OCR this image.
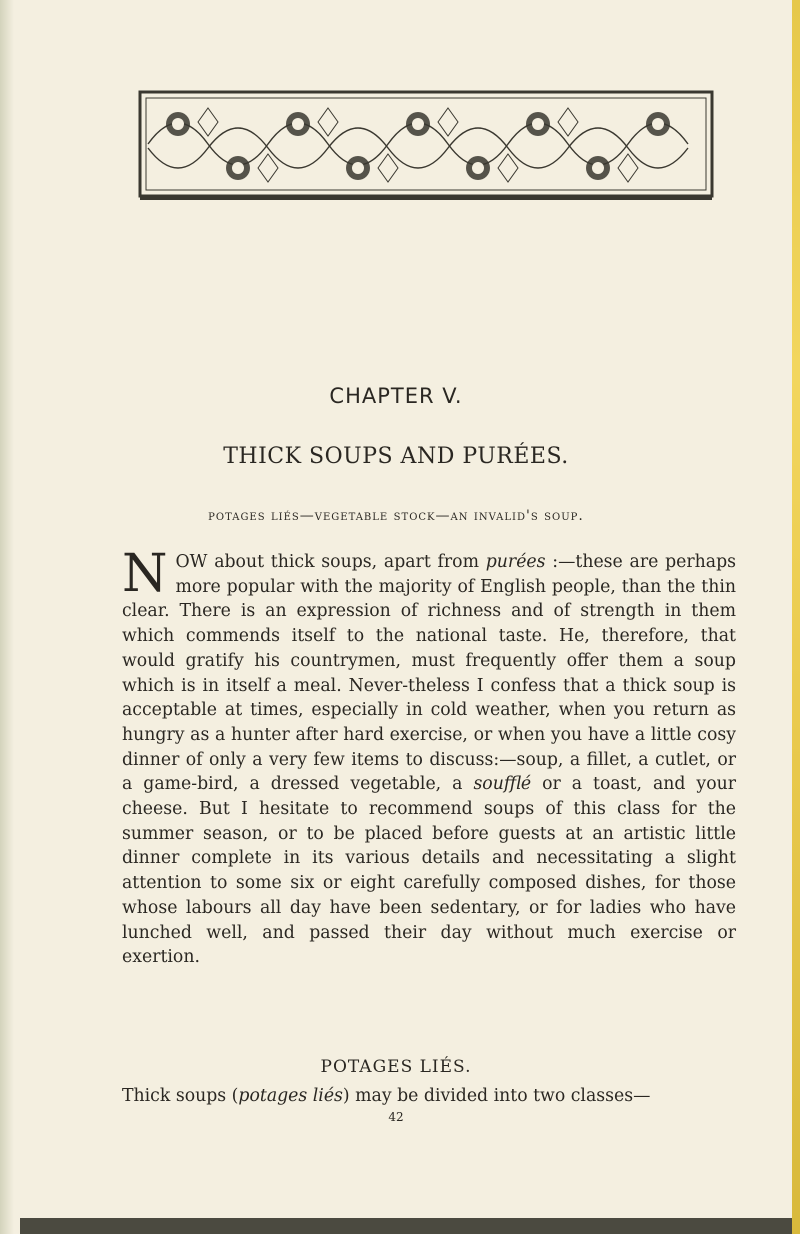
CHAPTER V.
THICK SOUPS AND PURÉES.
potages liés—vegetable stock—an invalid's soup.

NOW about thick soups, apart from purées :—these are perhaps more popular with the majority of English people, than the thin clear. There is an expression of richness and of strength in them which commends itself to the national taste. He, therefore, that would gratify his countrymen, must frequently offer them a soup which is in itself a meal. Never-theless I confess that a thick soup is acceptable at times, especially in cold weather, when you return as hungry as a hunter after hard exercise, or when you have a little cosy dinner of only a very few items to discuss:—soup, a fillet, a cutlet, or a game-bird, a dressed vegetable, a soufflé or a toast, and your cheese. But I hesitate to recommend soups of this class for the summer season, or to be placed before guests at an artistic little dinner complete in its various details and necessitating a slight attention to some six or eight carefully composed dishes, for those whose labours all day have been sedentary, or for ladies who have lunched well, and passed their day without much exercise or exertion.

POTAGES LIÉS.
Thick soups (potages liés) may be divided into two classes—
42
